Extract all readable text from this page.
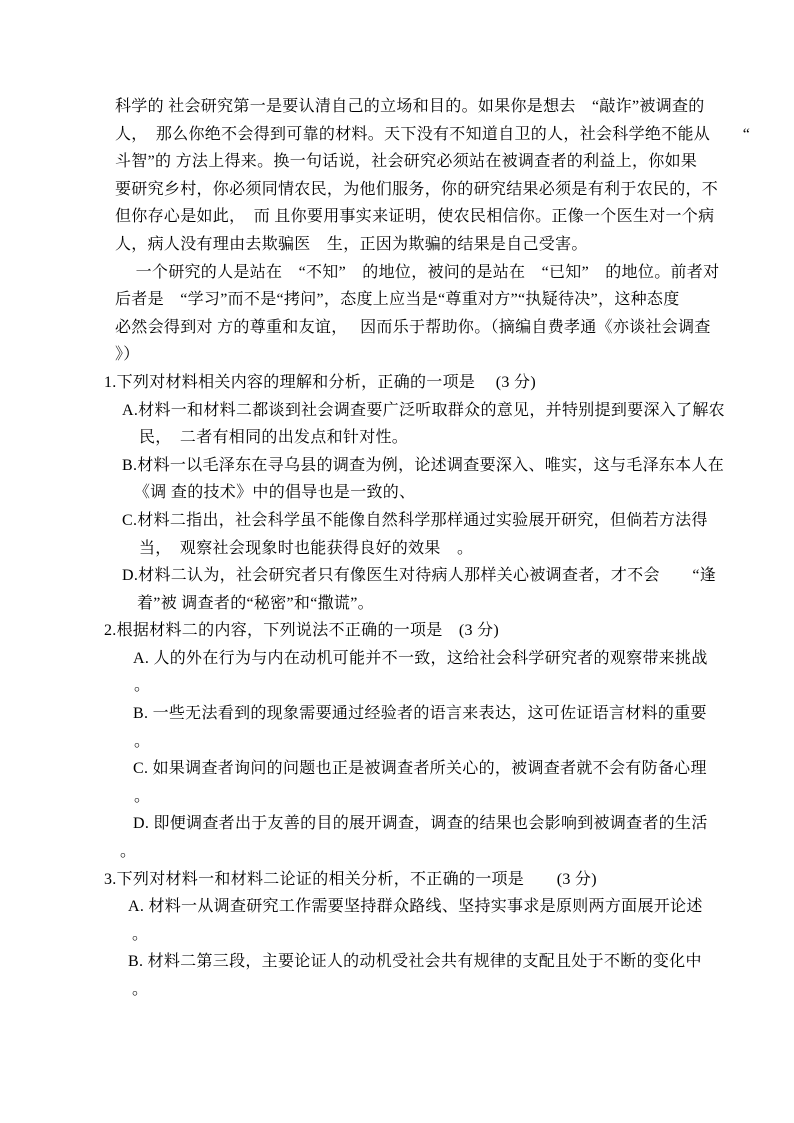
科学的 社会研究第一是要认清自己的立场和目的。如果你是想去　“敲诈”被调查的
人，　那么你绝不会得到可靠的材料。天下没有不知道自卫的人，社会科学绝不能从　　“
斗智”的 方法上得来。换一句话说，社会研究必须站在被调查者的利益上，你如果
要研究乡村，你必须同情农民，为他们服务，你的研究结果必须是有利于农民的，不
但你存心是如此，　而 且你要用事实来证明，使农民相信你。正像一个医生对一个病
人，病人没有理由去欺骗医　生，正因为欺骗的结果是自己受害。
　 一个研究的人是站在　“不知”　的地位，被问的是站在　“已知”　的地位。前者对
后者是　“学习”而不是“拷问”，态度上应当是“尊重对方”“执疑待决”，这种态度
必然会得到对 方的尊重和友谊，　 因而乐于帮助你。（摘编自费孝通《亦谈社会调查
》）
1.下列对材料相关内容的理解和分析，正确的一项是　 (3 分)
A.材料一和材料二都谈到社会调查要广泛听取群众的意见，并特别提到要深入了解农
民，　二者有相同的出发点和针对性。
B.材料一以毛泽东在寻乌县的调查为例，论述调查要深入、唯实，这与毛泽东本人在
《调 查的技术》中的倡导也是一致的、
C.材料二指出，社会科学虽不能像自然科学那样通过实验展开研究，但倘若方法得
当，　观察社会现象时也能获得良好的效果　。
D.材料二认为，社会研究者只有像医生对待病人那样关心被调查者，才不会　　“逢
着”被 调查者的“秘密”和“撒谎”。
2.根据材料二的内容，下列说法不正确的一项是　(3 分)
A. 人的外在行为与内在动机可能并不一致，这给社会科学研究者的观察带来挑战
。
B. 一些无法看到的现象需要通过经验者的语言来表达，这可佐证语言材料的重要
。
C. 如果调查者询问的问题也正是被调查者所关心的，被调查者就不会有防备心理
。
D. 即便调查者出于友善的目的展开调查，调查的结果也会影响到被调查者的生活
。
3.下列对材料一和材料二论证的相关分析，不正确的一项是　　(3 分)
A. 材料一从调查研究工作需要坚持群众路线、坚持实事求是原则两方面展开论述
。
B. 材料二第三段，主要论证人的动机受社会共有规律的支配且处于不断的变化中
。
